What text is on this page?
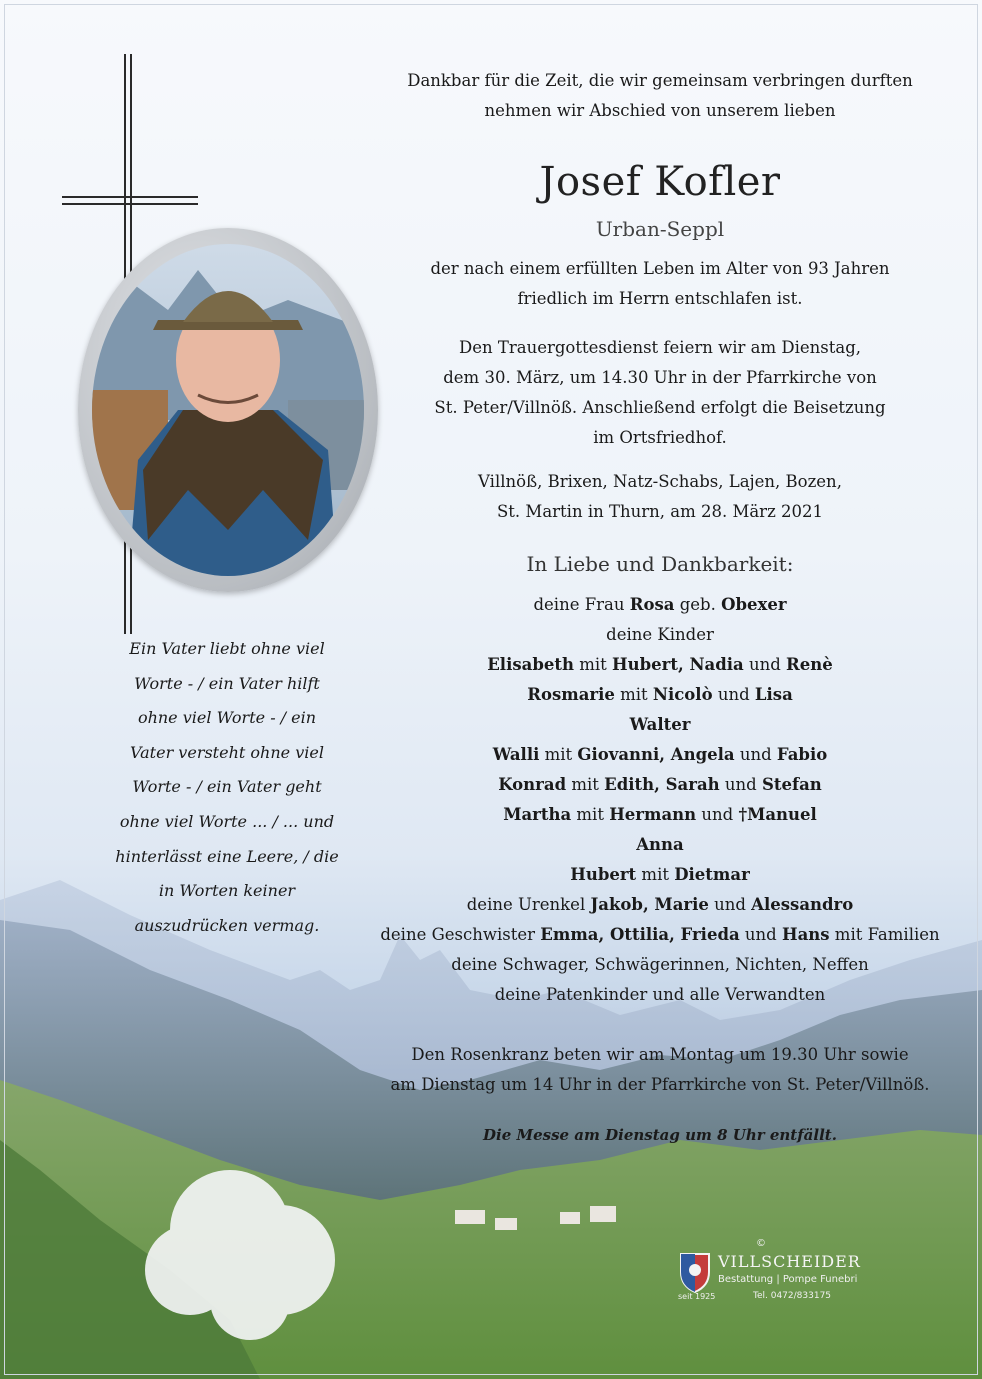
Dankbar für die Zeit, die wir gemeinsam verbringen durften
nehmen wir Abschied von unserem lieben
Josef Kofler
Urban-Seppl
der nach einem erfüllten Leben im Alter von 93 Jahren
friedlich im Herrn entschlafen ist.
Den Trauergottesdienst feiern wir am Dienstag,
dem 30. März, um 14.30 Uhr in der Pfarrkirche von
St. Peter/Villnöß. Anschließend erfolgt die Beisetzung
im Ortsfriedhof.
Villnöß, Brixen, Natz-Schabs, Lajen, Bozen,
St. Martin in Thurn, am 28. März 2021
In Liebe und Dankbarkeit:
deine Frau Rosa geb. Obexer
deine Kinder
Elisabeth mit Hubert, Nadia und Renè
Rosmarie mit Nicolò und Lisa
Walter
Walli mit Giovanni, Angela und Fabio
Konrad mit Edith, Sarah und Stefan
Martha mit Hermann und †Manuel
Anna
Hubert mit Dietmar
deine Urenkel Jakob, Marie und Alessandro
deine Geschwister Emma, Ottilia, Frieda und Hans mit Familien
deine Schwager, Schwägerinnen, Nichten, Neffen
deine Patenkinder und alle Verwandten
Den Rosenkranz beten wir am Montag um 19.30 Uhr sowie
am Dienstag um 14 Uhr in der Pfarrkirche von St. Peter/Villnöß.
Die Messe am Dienstag um 8 Uhr entfällt.
Ein Vater liebt ohne viel
Worte - / ein Vater hilft
ohne viel Worte - / ein
Vater versteht ohne viel
Worte - / ein Vater geht
ohne viel Worte ... / ... und
hinterlässt eine Leere, / die
in Worten keiner
auszudrücken vermag.
©
VILLSCHEIDER
Bestattung | Pompe Funebri
seit 1925	Tel. 0472/833175
